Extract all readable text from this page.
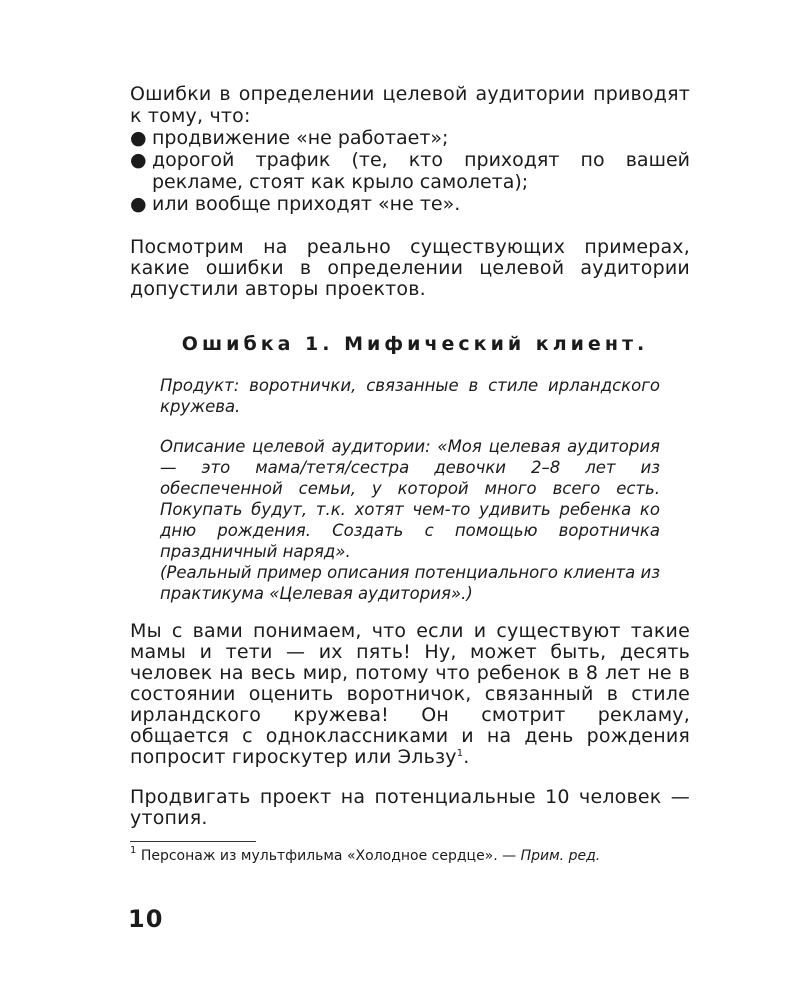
Ошибки в определении целевой аудитории приводят к тому, что:

● продвижение «не работает»;
● дорогой трафик (те, кто приходят по вашей рекламе, стоят как крыло самолета);
● или вообще приходят «не те».

Посмотрим на реально существующих примерах, какие ошибки в определении целевой аудитории допустили авторы проектов.

Ошибка 1. Мифический клиент.

Продукт: воротнички, связанные в стиле ирландского кружева.

Описание целевой аудитории: «Моя целевая аудитория — это мама/тетя/сестра девочки 2–8 лет из обеспеченной семьи, у которой много всего есть. Покупать будут, т.к. хотят чем-то удивить ребенка ко дню рождения. Создать с помощью воротничка праздничный наряд».

(Реальный пример описания потенциального клиента из практикума «Целевая аудитория».)

Мы с вами понимаем, что если и существуют такие мамы и тети — их пять! Ну, может быть, десять человек на весь мир, потому что ребенок в 8 лет не в состоянии оценить воротничок, связанный в стиле ирландского кружева! Он смотрит рекламу, общается с одноклассниками и на день рождения попросит гироскутер или Эльзу$^1$.

Продвигать проект на потенциальные 10 человек — утопия.

$^1$ Персонаж из мультфильма «Холодное сердце». — Прим. ред.

10
